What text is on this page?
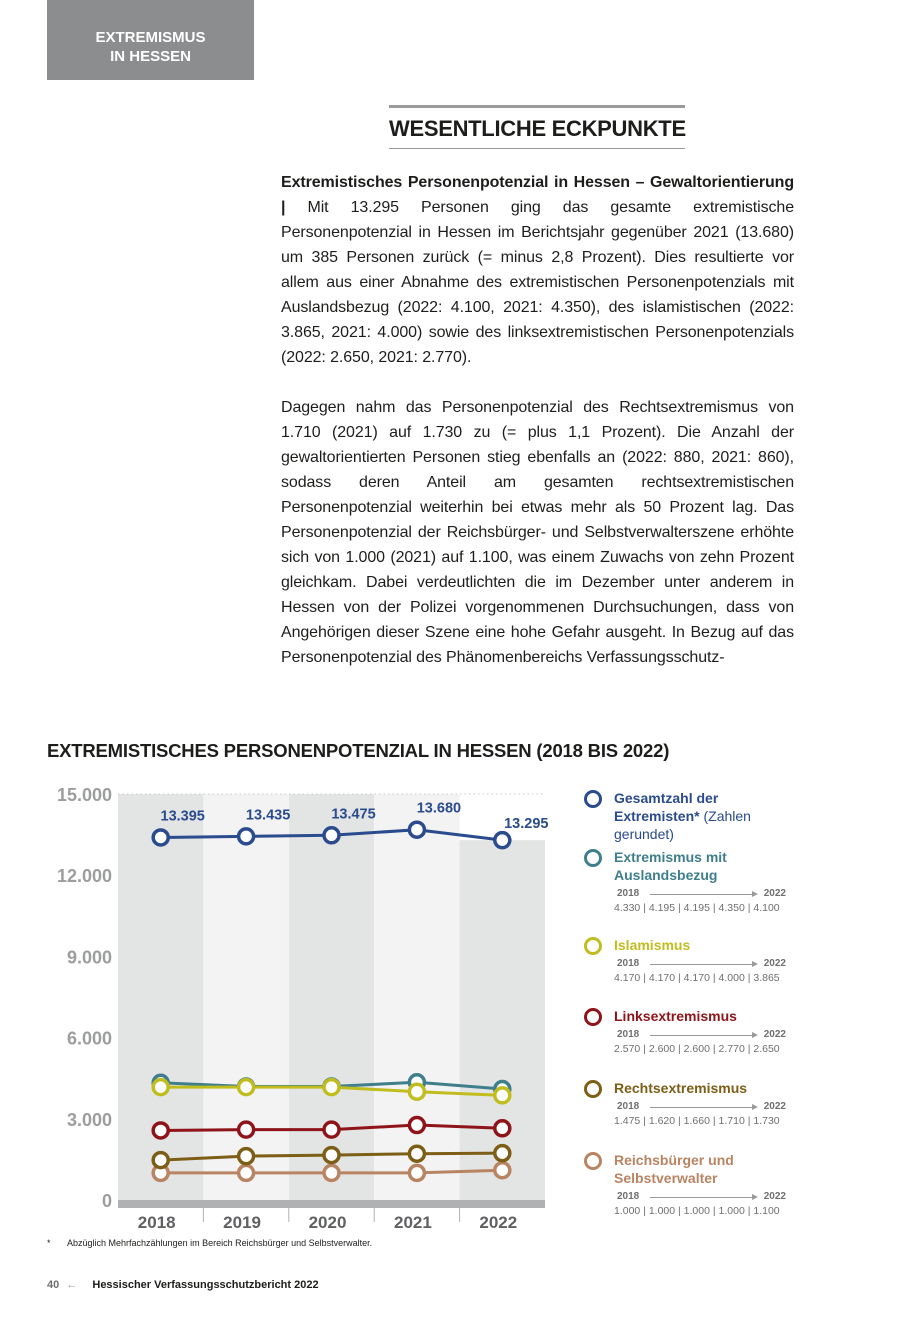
EXTREMISMUS
IN HESSEN
WESENTLICHE ECKPUNKTE

Extremistisches Personenpotenzial in Hessen – Gewaltorientierung | Mit 13.295 Personen ging das gesamte extremistische Personenpotenzial in Hessen im Berichtsjahr gegenüber 2021 (13.680) um 385 Personen zurück (= minus 2,8 Prozent). Dies resultierte vor allem aus einer Abnahme des extremistischen Personenpotenzials mit Auslandsbezug (2022: 4.100, 2021: 4.350), des islamistischen (2022: 3.865, 2021: 4.000) sowie des linksextremistischen Personenpotenzials (2022: 2.650, 2021: 2.770).

Dagegen nahm das Personenpotenzial des Rechtsextremismus von 1.710 (2021) auf 1.730 zu (= plus 1,1 Prozent). Die Anzahl der gewaltorientierten Personen stieg ebenfalls an (2022: 880, 2021: 860), sodass deren Anteil am gesamten rechtsextremistischen Personenpotenzial weiterhin bei etwas mehr als 50 Prozent lag. Das Personenpotenzial der Reichsbürger- und Selbstverwalterszene erhöhte sich von 1.000 (2021) auf 1.100, was einem Zuwachs von zehn Prozent gleichkam. Dabei verdeutlichten die im Dezember unter anderem in Hessen von der Polizei vorgenommenen Durchsuchungen, dass von Angehörigen dieser Szene eine hohe Gefahr ausgeht. In Bezug auf das Personenpotenzial des Phänomenbereichs Verfassungsschutz-

EXTREMISTISCHES PERSONENPOTENZIAL IN HESSEN (2018 BIS 2022)
0
3.000
6.000
9.000
12.000
15.000
2018	2019	2020	2021	2022
13.395	13.435	13.475	13.680
13.295
Gesamtzahl der Extremisten* (Zahlen gerundet)
Extremismus mit Auslandsbezug
2018	2022
4.330 | 4.195 | 4.195 | 4.350 | 4.100
Islamismus
2018	2022
4.170 | 4.170 | 4.170 | 4.000 | 3.865
Linksextremismus
2018	2022
2.570 | 2.600 | 2.600 | 2.770 | 2.650
Rechtsextremismus
2018	2022
1.475 | 1.620 | 1.660 | 1.710 | 1.730
Reichsbürger und Selbstverwalter
2018	2022
1.000 | 1.000 | 1.000 | 1.000 | 1.100
* Abzüglich Mehrfachzählungen im Bereich Reichsbürger und Selbstverwalter.
40 ← Hessischer Verfassungsschutzbericht 2022
